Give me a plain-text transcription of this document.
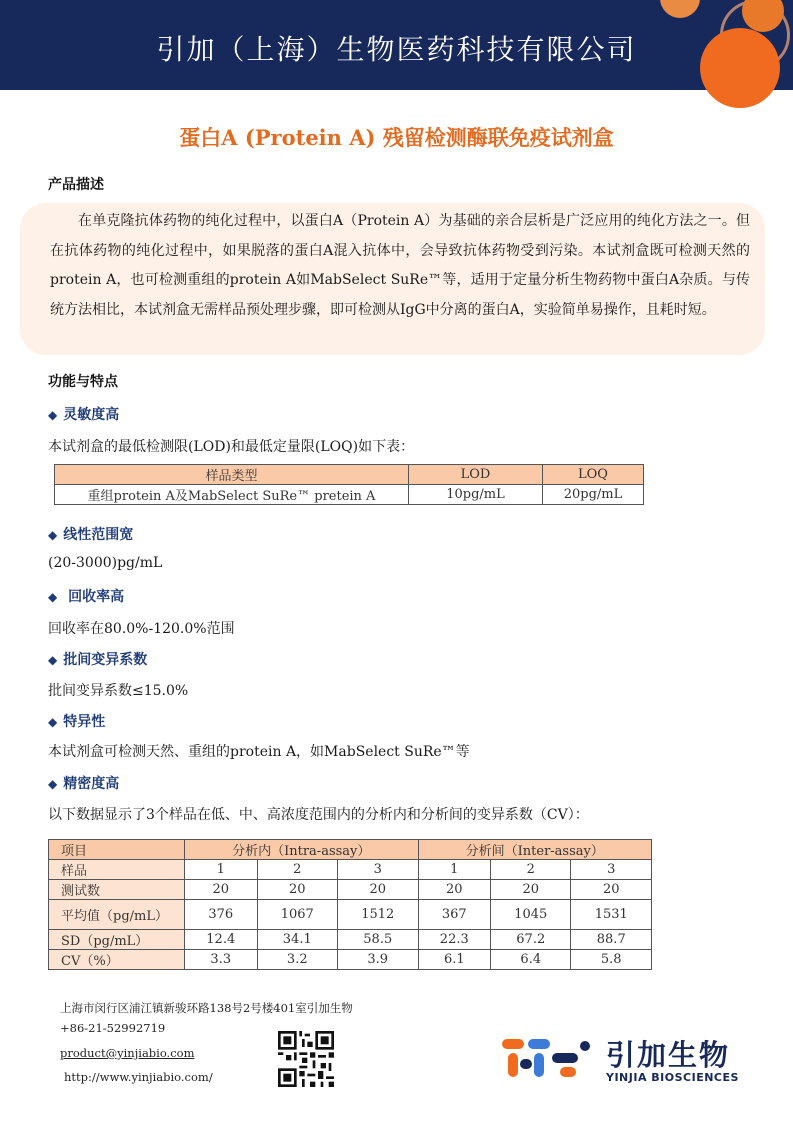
引加（上海）生物医药科技有限公司
蛋白A (Protein A) 残留检测酶联免疫试剂盒
产品描述
在单克隆抗体药物的纯化过程中，以蛋白A（Protein A）为基础的亲合层析是广泛应用的纯化方法之一。但在抗体药物的纯化过程中，如果脱落的蛋白A混入抗体中，会导致抗体药物受到污染。本试剂盒既可检测天然的protein A，也可检测重组的protein A如MabSelect SuRe™等，适用于定量分析生物药物中蛋白A杂质。与传统方法相比，本试剂盒无需样品预处理步骤，即可检测从IgG中分离的蛋白A，实验简单易操作，且耗时短。
功能与特点
◆ 灵敏度高
本试剂盒的最低检测限(LOD)和最低定量限(LOQ)如下表：
样品类型	LOD	LOQ
重组protein A及MabSelect SuRe™ pretein A	10pg/mL	20pg/mL
◆ 线性范围宽
(20-3000)pg/mL
◆ 回收率高
回收率在80.0%-120.0%范围
◆ 批间变异系数
批间变异系数≤15.0%
◆ 特异性
本试剂盒可检测天然、重组的protein A，如MabSelect SuRe™等
◆ 精密度高
以下数据显示了3个样品在低、中、高浓度范围内的分析内和分析间的变异系数（CV）：
项目	分析内（Intra-assay）			分析间（Inter-assay）		
样品	1	2	3	1	2	3
测试数	20	20	20	20	20	20
平均值（pg/mL）	376	1067	1512	367	1045	1531
SD（pg/mL）	12.4	34.1	58.5	22.3	67.2	88.7
CV（%）	3.3	3.2	3.9	6.1	6.4	5.8
上海市闵行区浦江镇新骏环路138号2号楼401室引加生物
+86-21-52992719
product@yinjiabio.com
http://www.yinjiabio.com/
引加生物
YINJIA BIOSCIENCES
